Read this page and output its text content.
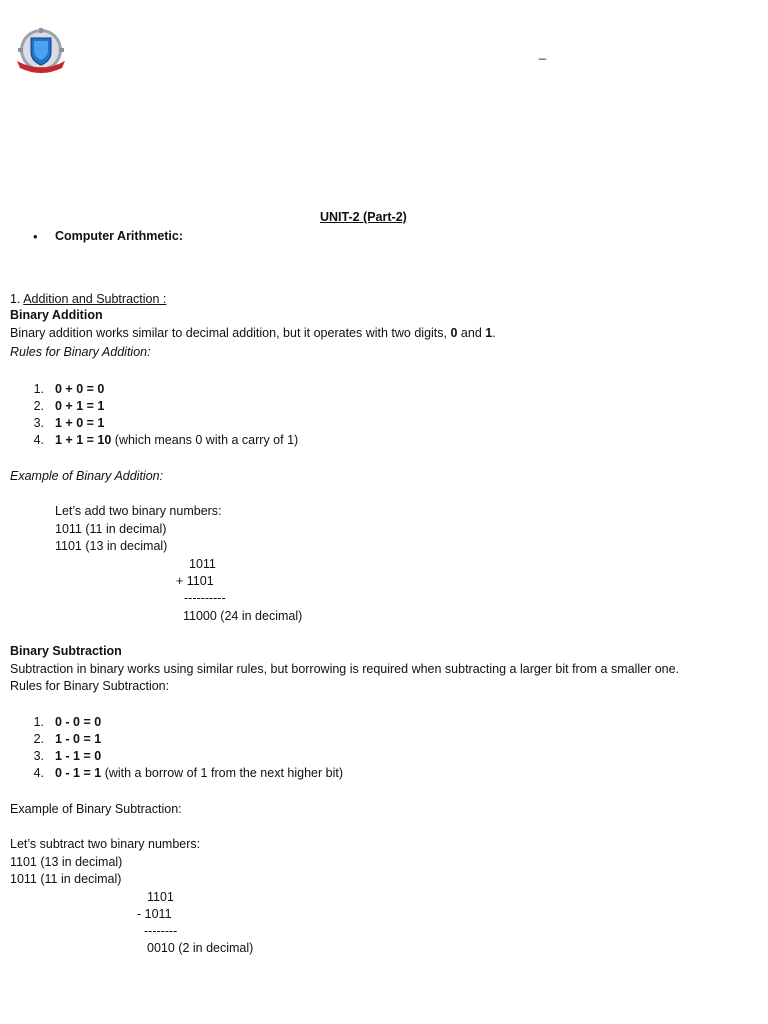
_
UNIT-2 (Part-2)
• Computer Arithmetic:
1. Addition and Subtraction :
Binary Addition
Binary addition works similar to decimal addition, but it operates with two digits, 0 and 1.
Rules for Binary Addition:
1. 0 + 0 = 0
2. 0 + 1 = 1
3. 1 + 0 = 1
4. 1 + 1 = 10 (which means 0 with a carry of 1)
Example of Binary Addition:
Let’s add two binary numbers:
1011 (11 in decimal)
1101 (13 in decimal)
1011
+ 1101
----------
11000 (24 in decimal)
Binary Subtraction
Subtraction in binary works using similar rules, but borrowing is required when subtracting a larger bit from a smaller one.
Rules for Binary Subtraction:
1. 0 - 0 = 0
2. 1 - 0 = 1
3. 1 - 1 = 0
4. 0 - 1 = 1 (with a borrow of 1 from the next higher bit)
Example of Binary Subtraction:
Let’s subtract two binary numbers:
1101 (13 in decimal)
1011 (11 in decimal)
1101
- 1011
--------
0010 (2 in decimal)
